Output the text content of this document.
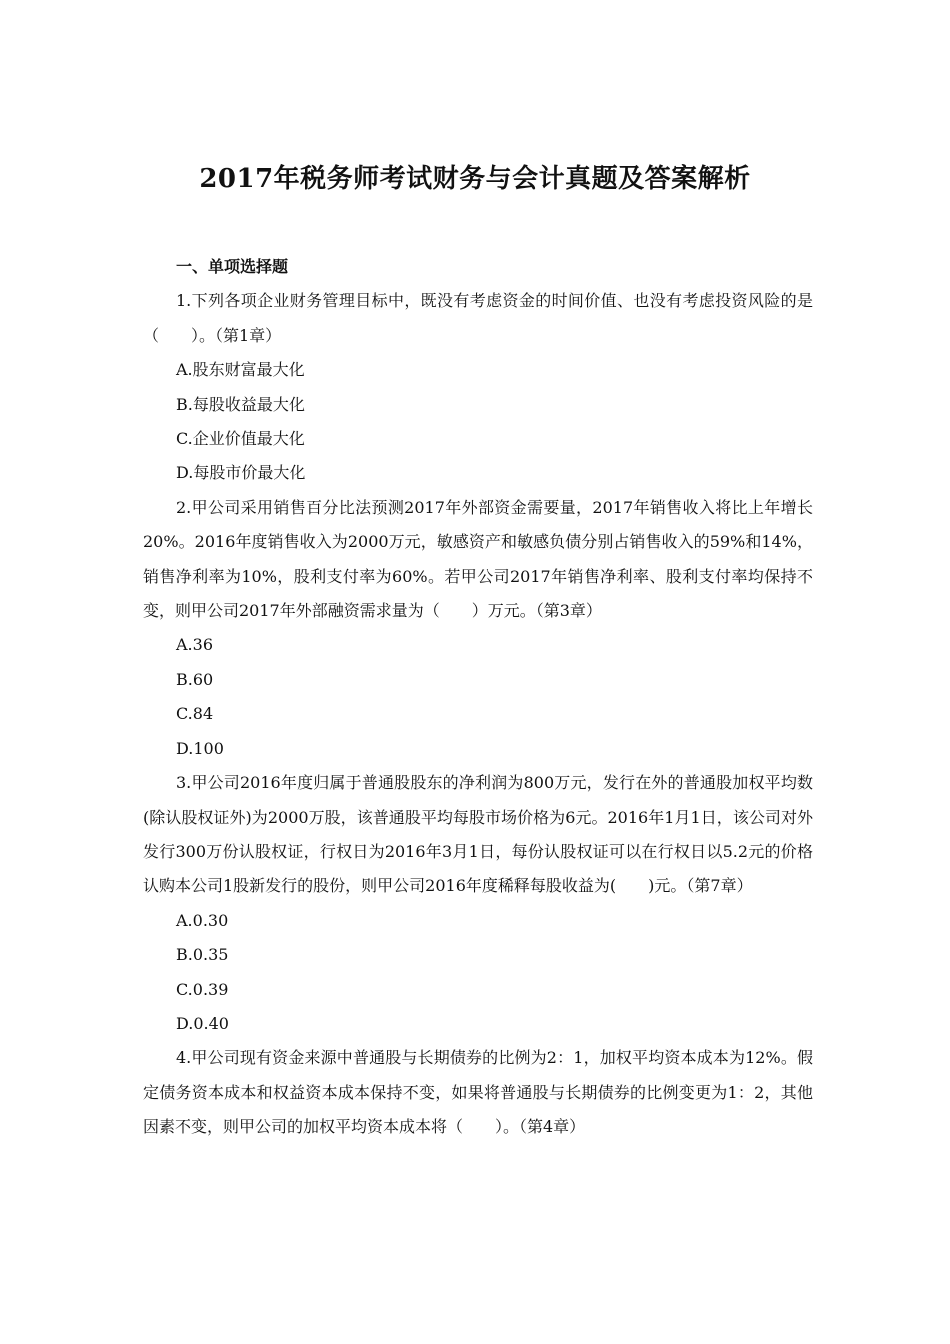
2017年税务师考试财务与会计真题及答案解析

一、单项选择题

1.下列各项企业财务管理目标中，既没有考虑资金的时间价值、也没有考虑投资风险的是（　　）。（第1章）

A.股东财富最大化

B.每股收益最大化

C.企业价值最大化

D.每股市价最大化

2.甲公司采用销售百分比法预测2017年外部资金需要量，2017年销售收入将比上年增长20%。2016年度销售收入为2000万元，敏感资产和敏感负债分别占销售收入的59%和14%，销售净利率为10%，股利支付率为60%。若甲公司2017年销售净利率、股利支付率均保持不变，则甲公司2017年外部融资需求量为（　　）万元。（第3章）

A.36

B.60

C.84

D.100

3.甲公司2016年度归属于普通股股东的净利润为800万元，发行在外的普通股加权平均数(除认股权证外)为2000万股，该普通股平均每股市场价格为6元。2016年1月1日，该公司对外发行300万份认股权证，行权日为2016年3月1日，每份认股权证可以在行权日以5.2元的价格认购本公司1股新发行的股份，则甲公司2016年度稀释每股收益为(　　)元。（第7章）

A.0.30

B.0.35

C.0.39

D.0.40

4.甲公司现有资金来源中普通股与长期债券的比例为2：1，加权平均资本成本为12%。假定债务资本成本和权益资本成本保持不变，如果将普通股与长期债券的比例变更为1：2，其他因素不变，则甲公司的加权平均资本成本将（　　）。（第4章）
